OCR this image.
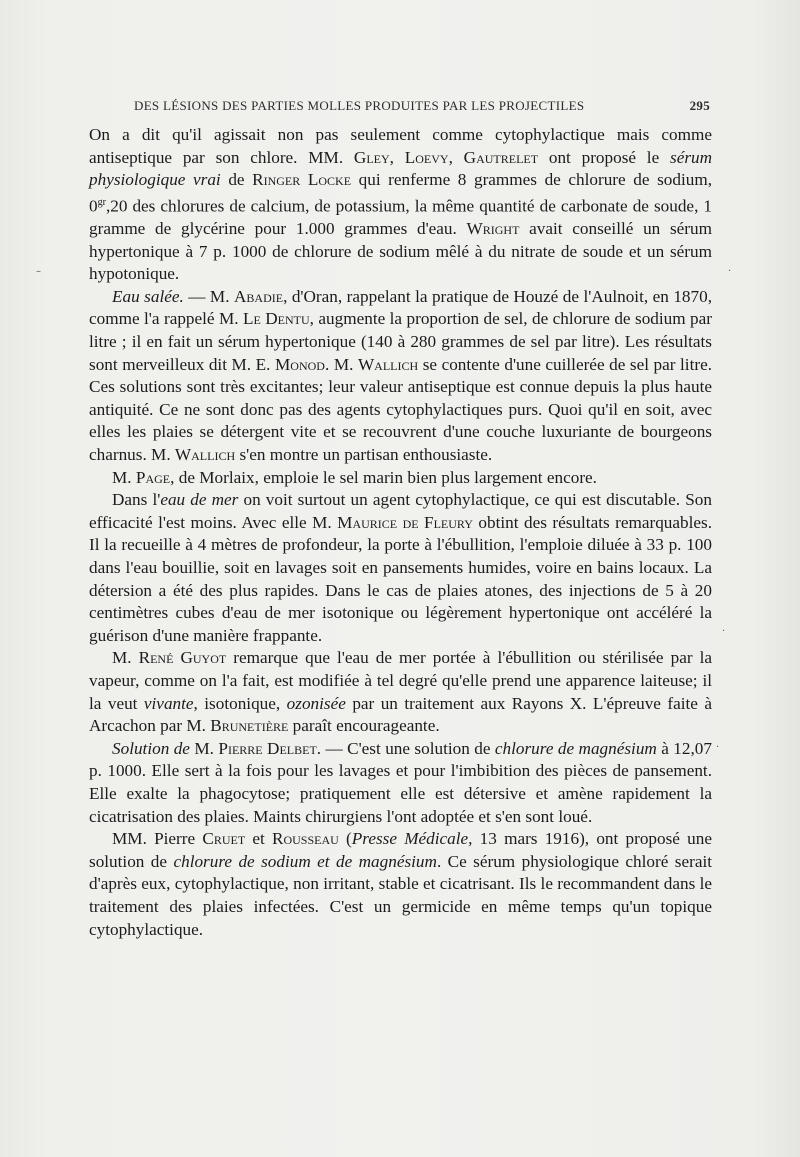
DES LÉSIONS DES PARTIES MOLLES PRODUITES PAR LES PROJECTILES	295

On a dit qu'il agissait non pas seulement comme cytophylactique mais comme antiseptique par son chlore. MM. Gley, Loevy, Gautrelet ont proposé le sérum physiologique vrai de Ringer Locke qui renferme 8 grammes de chlorure de sodium, $0^{gr},20$ des chlorures de calcium, de potassium, la même quantité de carbonate de soude, 1 gramme de glycérine pour 1.000 grammes d'eau. Wright avait conseillé un sérum hypertonique à 7 p. 1000 de chlorure de sodium mêlé à du nitrate de soude et un sérum hypotonique.

Eau salée. — M. Abadie, d'Oran, rappelant la pratique de Houzé de l'Aulnoit, en 1870, comme l'a rappelé M. Le Dentu, augmente la proportion de sel, de chlorure de sodium par litre ; il en fait un sérum hypertonique (140 à 280 grammes de sel par litre). Les résultats sont merveilleux dit M. E. Monod. M. Wallich se contente d'une cuillerée de sel par litre. Ces solutions sont très excitantes; leur valeur antiseptique est connue depuis la plus haute antiquité. Ce ne sont donc pas des agents cytophylactiques purs. Quoi qu'il en soit, avec elles les plaies se détergent vite et se recouvrent d'une couche luxuriante de bourgeons charnus. M. Wallich s'en montre un partisan enthousiaste.

M. Page, de Morlaix, emploie le sel marin bien plus largement encore.

Dans l'eau de mer on voit surtout un agent cytophylactique, ce qui est discutable. Son efficacité l'est moins. Avec elle M. Maurice de Fleury obtint des résultats remarquables. Il la recueille à 4 mètres de profondeur, la porte à l'ébullition, l'emploie diluée à 33 p. 100 dans l'eau bouillie, soit en lavages soit en pansements humides, voire en bains locaux. La détersion a été des plus rapides. Dans le cas de plaies atones, des injections de 5 à 20 centimètres cubes d'eau de mer isotonique ou légèrement hypertonique ont accéléré la guérison d'une manière frappante.

M. René Guyot remarque que l'eau de mer portée à l'ébullition ou stérilisée par la vapeur, comme on l'a fait, est modifiée à tel degré qu'elle prend une apparence laiteuse; il la veut vivante, isotonique, ozonisée par un traitement aux Rayons X. L'épreuve faite à Arcachon par M. Brunetière paraît encourageante.

Solution de M. Pierre Delbet. — C'est une solution de chlorure de magnésium à 12,07 p. 1000. Elle sert à la fois pour les lavages et pour l'imbibition des pièces de pansement. Elle exalte la phagocytose; pratiquement elle est détersive et amène rapidement la cicatrisation des plaies. Maints chirurgiens l'ont adoptée et s'en sont loué.

MM. Pierre Cruet et Rousseau (Presse Médicale, 13 mars 1916), ont proposé une solution de chlorure de sodium et de magnésium. Ce sérum physiologique chloré serait d'après eux, cytophylactique, non irritant, stable et cicatrisant. Ils le recommandent dans le traitement des plaies infectées. C'est un germicide en même temps qu'un topique cytophylactique.

–	·
·
·
